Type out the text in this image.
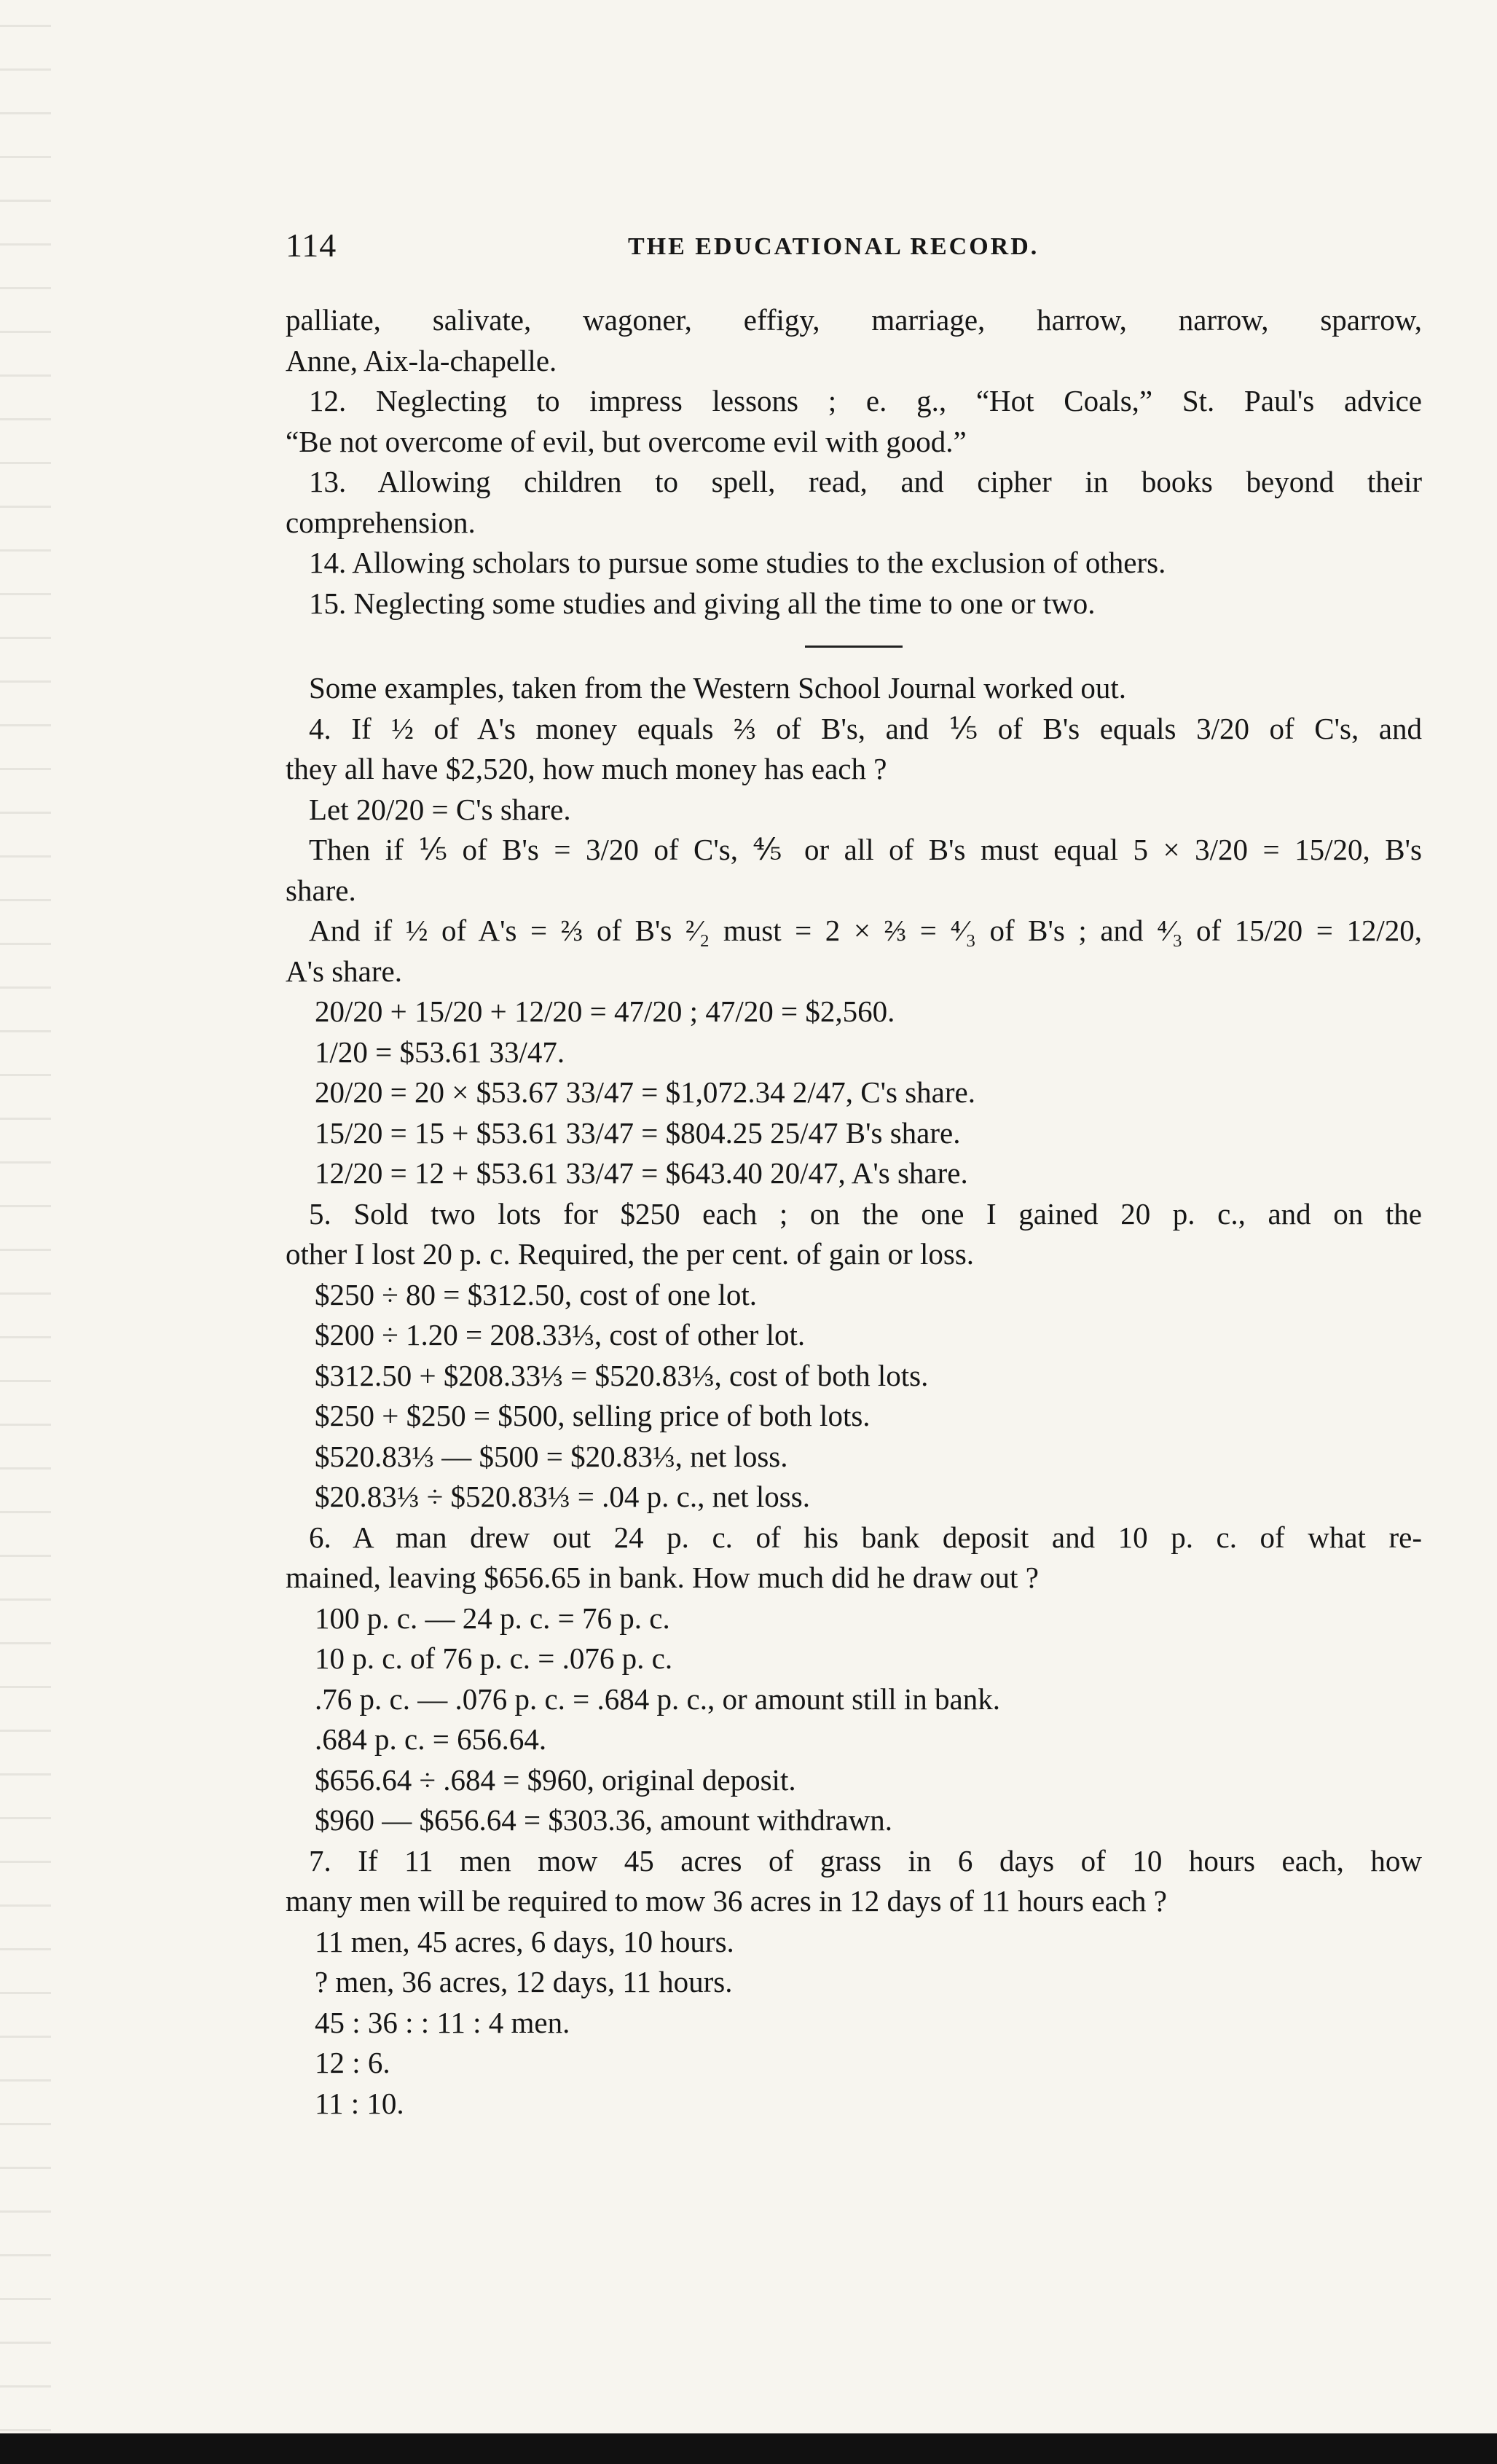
114	THE EDUCATIONAL RECORD.
palliate, salivate, wagoner, effigy, marriage, harrow, narrow, sparrow,
Anne, Aix-la-chapelle.
12. Neglecting to impress lessons ; e. g., “Hot Coals,” St. Paul's advice
“Be not overcome of evil, but overcome evil with good.”
13. Allowing children to spell, read, and cipher in books beyond their
comprehension.
14. Allowing scholars to pursue some studies to the exclusion of others.
15. Neglecting some studies and giving all the time to one or two.
Some examples, taken from the Western School Journal worked out.
4. If ½ of A's money equals ⅔ of B's, and ⅕ of B's equals 3/20 of C's, and
they all have $2,520, how much money has each ?
Let 20/20 = C's share.
Then if ⅕ of B's = 3/20 of C's, ⅘ or all of B's must equal 5 × 3/20 = 15/20, B's
share.
And if ½ of A's = ⅔ of B's ²⁄₂ must = 2 × ⅔ = ⁴⁄₃ of B's ; and ⁴⁄₃ of 15/20 = 12/20,
A's share.
20/20 + 15/20 + 12/20 = 47/20 ; 47/20 = $2,560.
1/20 = $53.61 33/47.
20/20 = 20 × $53.67 33/47 = $1,072.34 2/47, C's share.
15/20 = 15 + $53.61 33/47 = $804.25 25/47 B's share.
12/20 = 12 + $53.61 33/47 = $643.40 20/47, A's share.
5. Sold two lots for $250 each ; on the one I gained 20 p. c., and on the
other I lost 20 p. c. Required, the per cent. of gain or loss.
$250 ÷ 80 = $312.50, cost of one lot.
$200 ÷ 1.20 = 208.33⅓, cost of other lot.
$312.50 + $208.33⅓ = $520.83⅓, cost of both lots.
$250 + $250 = $500, selling price of both lots.
$520.83⅓ — $500 = $20.83⅓, net loss.
$20.83⅓ ÷ $520.83⅓ = .04 p. c., net loss.
6. A man drew out 24 p. c. of his bank deposit and 10 p. c. of what re-
mained, leaving $656.65 in bank. How much did he draw out ?
100 p. c. — 24 p. c. = 76 p. c.
10 p. c. of 76 p. c. = .076 p. c.
.76 p. c. — .076 p. c. = .684 p. c., or amount still in bank.
.684 p. c. = 656.64.
$656.64 ÷ .684 = $960, original deposit.
$960 — $656.64 = $303.36, amount withdrawn.
7. If 11 men mow 45 acres of grass in 6 days of 10 hours each, how
many men will be required to mow 36 acres in 12 days of 11 hours each ?
11 men, 45 acres, 6 days, 10 hours.
? men, 36 acres, 12 days, 11 hours.
45 : 36 : : 11 : 4 men.
12 : 6.
11 : 10.
